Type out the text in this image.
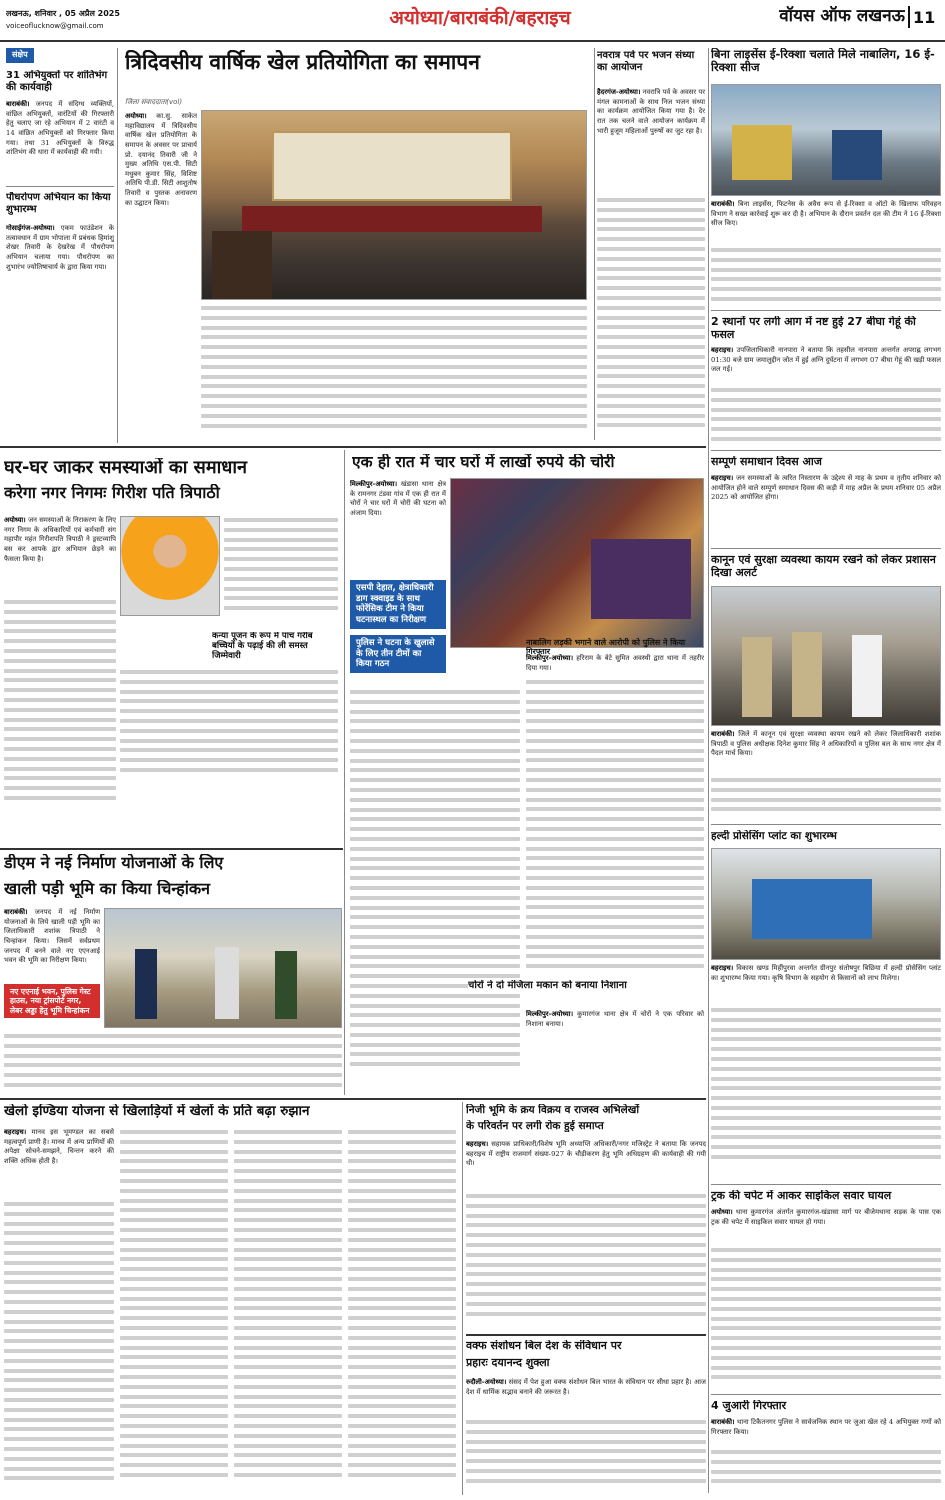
लखनऊ, शनिवार , 05 अप्रैल 2025
voiceoflucknow@gmail.com	अयोध्या/बाराबंकी/बहराइच	वॉयस ऑफ लखनऊ 11
संक्षेप
31 अभियुक्तों पर शांतिभंग की कार्यवाही
बाराबंकी। जनपद में संदिग्ध व्यक्तियों, वांछित अभियुक्तों, वारंटियों की गिरफ्तारी हेतु चलाए जा रहे अभियान में 2 वारंटी व 14 वांछित अभियुक्तों को गिरफ्तार किया गया। तथा 31 अभियुक्तों के विरुद्ध शांतिभंग की धारा में कार्यवाही की गयी।
पौधरोपण अभियान का किया शुभारम्भ
गोसाईगंज-अयोध्या। एकम फाउंडेशन के तत्वावधान में ग्राम भोपाला में प्रबंधक हिमांशु शेखर तिवारी के देखरेख में पौधरोपण अभियान चलाया गया। पौधरोपण का शुभारंभ ज्योतिषाचार्य के द्वारा किया गया।
त्रिदिवसीय वार्षिक खेल प्रतियोगिता का समापन
जिला संवाददाता(vol)
अयोध्या। का.सु. साकेत महाविद्यालय में त्रिदिवसीय वार्षिक खेल प्रतियोगिता के समापन के अवसर पर प्राचार्य प्रो. दयानंद तिवारी जी ने मुख्य अतिथि एस.पी. सिटी मधुबन कुमार सिंह, विशिष्ट अतिथि पी.डी. सिटी आशुतोष तिवारी व पुस्तक अनावरण का उद्घाटन किया।
नवरात्र पर्व पर भजन संध्या का आयोजन
हैदरगंज-अयोध्या। नवरात्रि पर्व के अवसर पर मंगल कामनाओं के साथ निज भजन संध्या का कार्यक्रम आयोजित किया गया है। देर रात तक चलने वाले आयोजन कार्यक्रम में भारी हुजूम महिलाओं पुरुषों का जुट रहा है।
बिना लाइसेंस ई-रिक्शा चलाते मिले नाबालिग, 16 ई-रिक्शा सीज
बाराबंकी। बिना लाइसेंस, फिटनेस के अवैध रूप से ई-रिक्शा व ऑटो के खिलाफ परिवहन विभाग ने सख्त कार्रवाई शुरू कर दी है। अभियान के दौरान प्रवर्तन दल की टीम ने 16 ई-रिक्शा सीज किए।
2 स्थानों पर लगी आग में नष्ट हुई 27 बीघा गेहूं की फसल
बहराइच। उपजिलाधिकारी नानपारा ने बताया कि तहसील नानपारा अन्तर्गत अपराह्न लगभग 01:30 बजे ग्राम जमालुद्दीन जोत में हुई अग्नि दुर्घटना में लगभग 07 बीघा गेहूं की खड़ी फसल जल गई।
सम्पूर्ण समाधान दिवस आज
बहराइच। जन समस्याओं के त्वरित निस्तारण के उद्देश्य से माह के प्रथम व तृतीय शनिवार को आयोजित होने वाले सम्पूर्ण समाधान दिवस की कड़ी में माह अप्रैल के प्रथम शनिवार 05 अप्रैल 2025 को आयोजित होगा।
कानून एवं सुरक्षा व्यवस्था कायम रखने को लेकर प्रशासन दिखा अलर्ट
बाराबंकी। जिले में कानून एवं सुरक्षा व्यवस्था कायम रखने को लेकर जिलाधिकारी शशांक त्रिपाठी व पुलिस अधीक्षक दिनेश कुमार सिंह ने अधिकारियों व पुलिस बल के साथ नगर क्षेत्र में पैदल मार्च किया।
हल्दी प्रोसेसिंग प्लांट का शुभारम्भ
बहराइच। विकास खण्ड मिहींपुरवा अन्तर्गत ग्रीनपुर संतोषपुर बिछिया में हल्दी प्रोसेसिंग प्लांट का शुभारम्भ किया गया। कृषि विभाग के सहयोग से किसानों को लाभ मिलेगा।
ट्रक की चपेट में आकर साइकिल सवार घायल
अयोध्या। थाना कुमारगंज अंतर्गत कुमारगंज-खंडासा मार्ग पर बीजेमथाना सड़क के पास एक ट्रक की चपेट में साइकिल सवार घायल हो गया।
4 जुआरी गिरफ्तार
बाराबंकी। थाना टिकैतनगर पुलिस ने सार्वजनिक स्थान पर जुआ खेल रहे 4 अभियुक्त गणों को गिरफ्तार किया।
घर-घर जाकर समस्याओं का समाधान
करेगा नगर निगमः गिरीश पति त्रिपाठी
अयोध्या। जन समस्याओं के निराकरण के लिए नगर निगम के अधिकारियों एवं कर्मचारी संग महापौर महंत गिरीशपति त्रिपाठी ने ड्रस्टव्यापि बस कर आपके द्वार अभियान छेड़ने का फैसला किया है।
कन्या पूजन के रूप में पांच गरीब बच्चियों के पढ़ाई की ली समस्त जिम्मेवारी
एक ही रात में चार घरों में लाखों रुपये की चोरी
मिल्कीपुर-अयोध्या। खंडासा थाना क्षेत्र के रामनगर टंडवा गांव में एक ही रात में चोरों ने चार घरों में चोरी की घटना को अंजाम दिया।
एसपी देहात, क्षेत्राधिकारी डाग स्क्वाइड के साथ फोरेंसिक टीम ने किया घटनास्थल का निरीक्षण
पुलिस ने घटना के खुलासे के लिए तीन टीमों का किया गठन
मिल्कीपुर-अयोध्या। हरिराम के बेटे सुमित अवस्थी द्वारा थाना में तहरीर दिया गया।
चोरों ने दो मंजिला मकान को बनाया निशाना
मिल्कीपुर-अयोध्या। कुमारगंज थाना क्षेत्र में चोरों ने एक परिवार को निशाना बनाया।
नाबालिग लड़की भगाने वाले आरोपी को पुलिस ने किया गिरफ्तार
डीएम ने नई निर्माण योजनाओं के लिए
खाली पड़ी भूमि का किया चिन्हांकन
बाराबंकी। जनपद में नई निर्माण योजनाओं के लिये खाली पड़ी भूमि का जिलाधिकारी शशांक त्रिपाठी ने चिन्हांकन किया। जिसमें सर्वप्रथम जनपद में बनने वाले नए एएनआई भवन की भूमि का निरीक्षण किया।
नए एएनाई भवन, पुलिस गेस्ट हाउस, नया ट्रांसपोर्ट नगर, लेबर अड्डा हेतु भूमि चिन्हांकन
खेलो इण्डिया योजना से खिलाड़ियों में खेलों के प्रति बढ़ा रुझान
बहराइच। मानव इस भूमण्डल का सबसे महत्वपूर्ण प्राणी है। मानव में अन्य प्राणियों की अपेक्षा सोचने-समझने, चिन्तन करने की शक्ति अधिक होती है।
निजी भूमि के क्रय विक्रय व राजस्व अभिलेखों
के परिवर्तन पर लगी रोक हुई समाप्त
बहराइच। सहायक प्राधिकारी/विशेष भूमि अध्याप्ति अधिकारी/नगर मजिस्ट्रेट ने बताया कि जनपद बहराइच में राष्ट्रीय राजमार्ग संख्या-927 के चौड़ीकरण हेतु भूमि अधिग्रहण की कार्यवाही की गयी थी।
वक्फ संशोधन बिल देश के संविधान पर
प्रहारः दयानन्द शुक्ला
रुदौली-अयोध्या। संसद में पेश हुआ वक्फ संशोधन बिल भारत के संविधान पर सीधा प्रहार है। आज देश में धार्मिक सद्भाव बनाने की जरूरत है।
